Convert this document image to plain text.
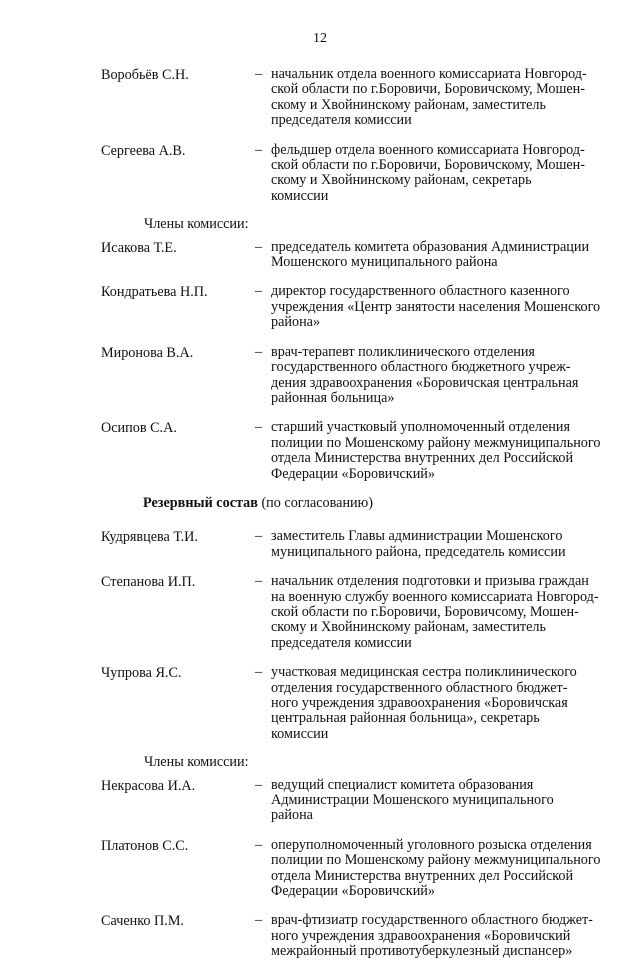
12
Воробьёв С.Н.	– начальник отдела военного комиссариата Новгород-
ской области по г.Боровичи, Боровичскому, Мошен-
скому и Хвойнинскому районам, заместитель
председателя комиссии
Сергеева А.В.	– фельдшер отдела военного комиссариата Новгород-
ской области по г.Боровичи, Боровичскому, Мошен-
скому и Хвойнинскому районам, секретарь
комиссии
Члены комиссии:
Исакова Т.Е.	– председатель комитета образования Администрации
Мошенского муниципального района
Кондратьева Н.П.	– директор государственного областного казенного
учреждения «Центр занятости населения Мошенского
района»
Миронова В.А.	– врач-терапевт поликлинического отделения
государственного областного бюджетного учреж-
дения здравоохранения «Боровичская центральная
районная больница»
Осипов С.А.	– старший участковый уполномоченный отделения
полиции по Мошенскому району межмуниципального
отдела Министерства внутренних дел Российской
Федерации «Боровичский»
Резервный состав (по согласованию)
Кудрявцева Т.И.	– заместитель Главы администрации Мошенского
муниципального района, председатель комиссии
Степанова И.П.	– начальник отделения подготовки и призыва граждан
на военную службу военного комиссариата Новгород-
ской области по г.Боровичи, Боровичсому, Мошен-
скому и Хвойнинскому районам, заместитель
председателя комиссии
Чупрова Я.С.	– участковая медицинская сестра поликлинического
отделения государственного областного бюджет-
ного учреждения здравоохранения «Боровичская
центральная районная больница», секретарь
комиссии
Члены комиссии:
Некрасова И.А.	– ведущий специалист комитета образования
Администрации Мошенского муниципального
района
Платонов С.С.	– оперуполномоченный уголовного розыска отделения
полиции по Мошенскому району межмуниципального
отдела Министерства внутренних дел Российской
Федерации «Боровичский»
Саченко П.М.	– врач-фтизиатр государственного областного бюджет-
ного учреждения здравоохранения «Боровичский
межрайонный противотуберкулезный диспансер»
